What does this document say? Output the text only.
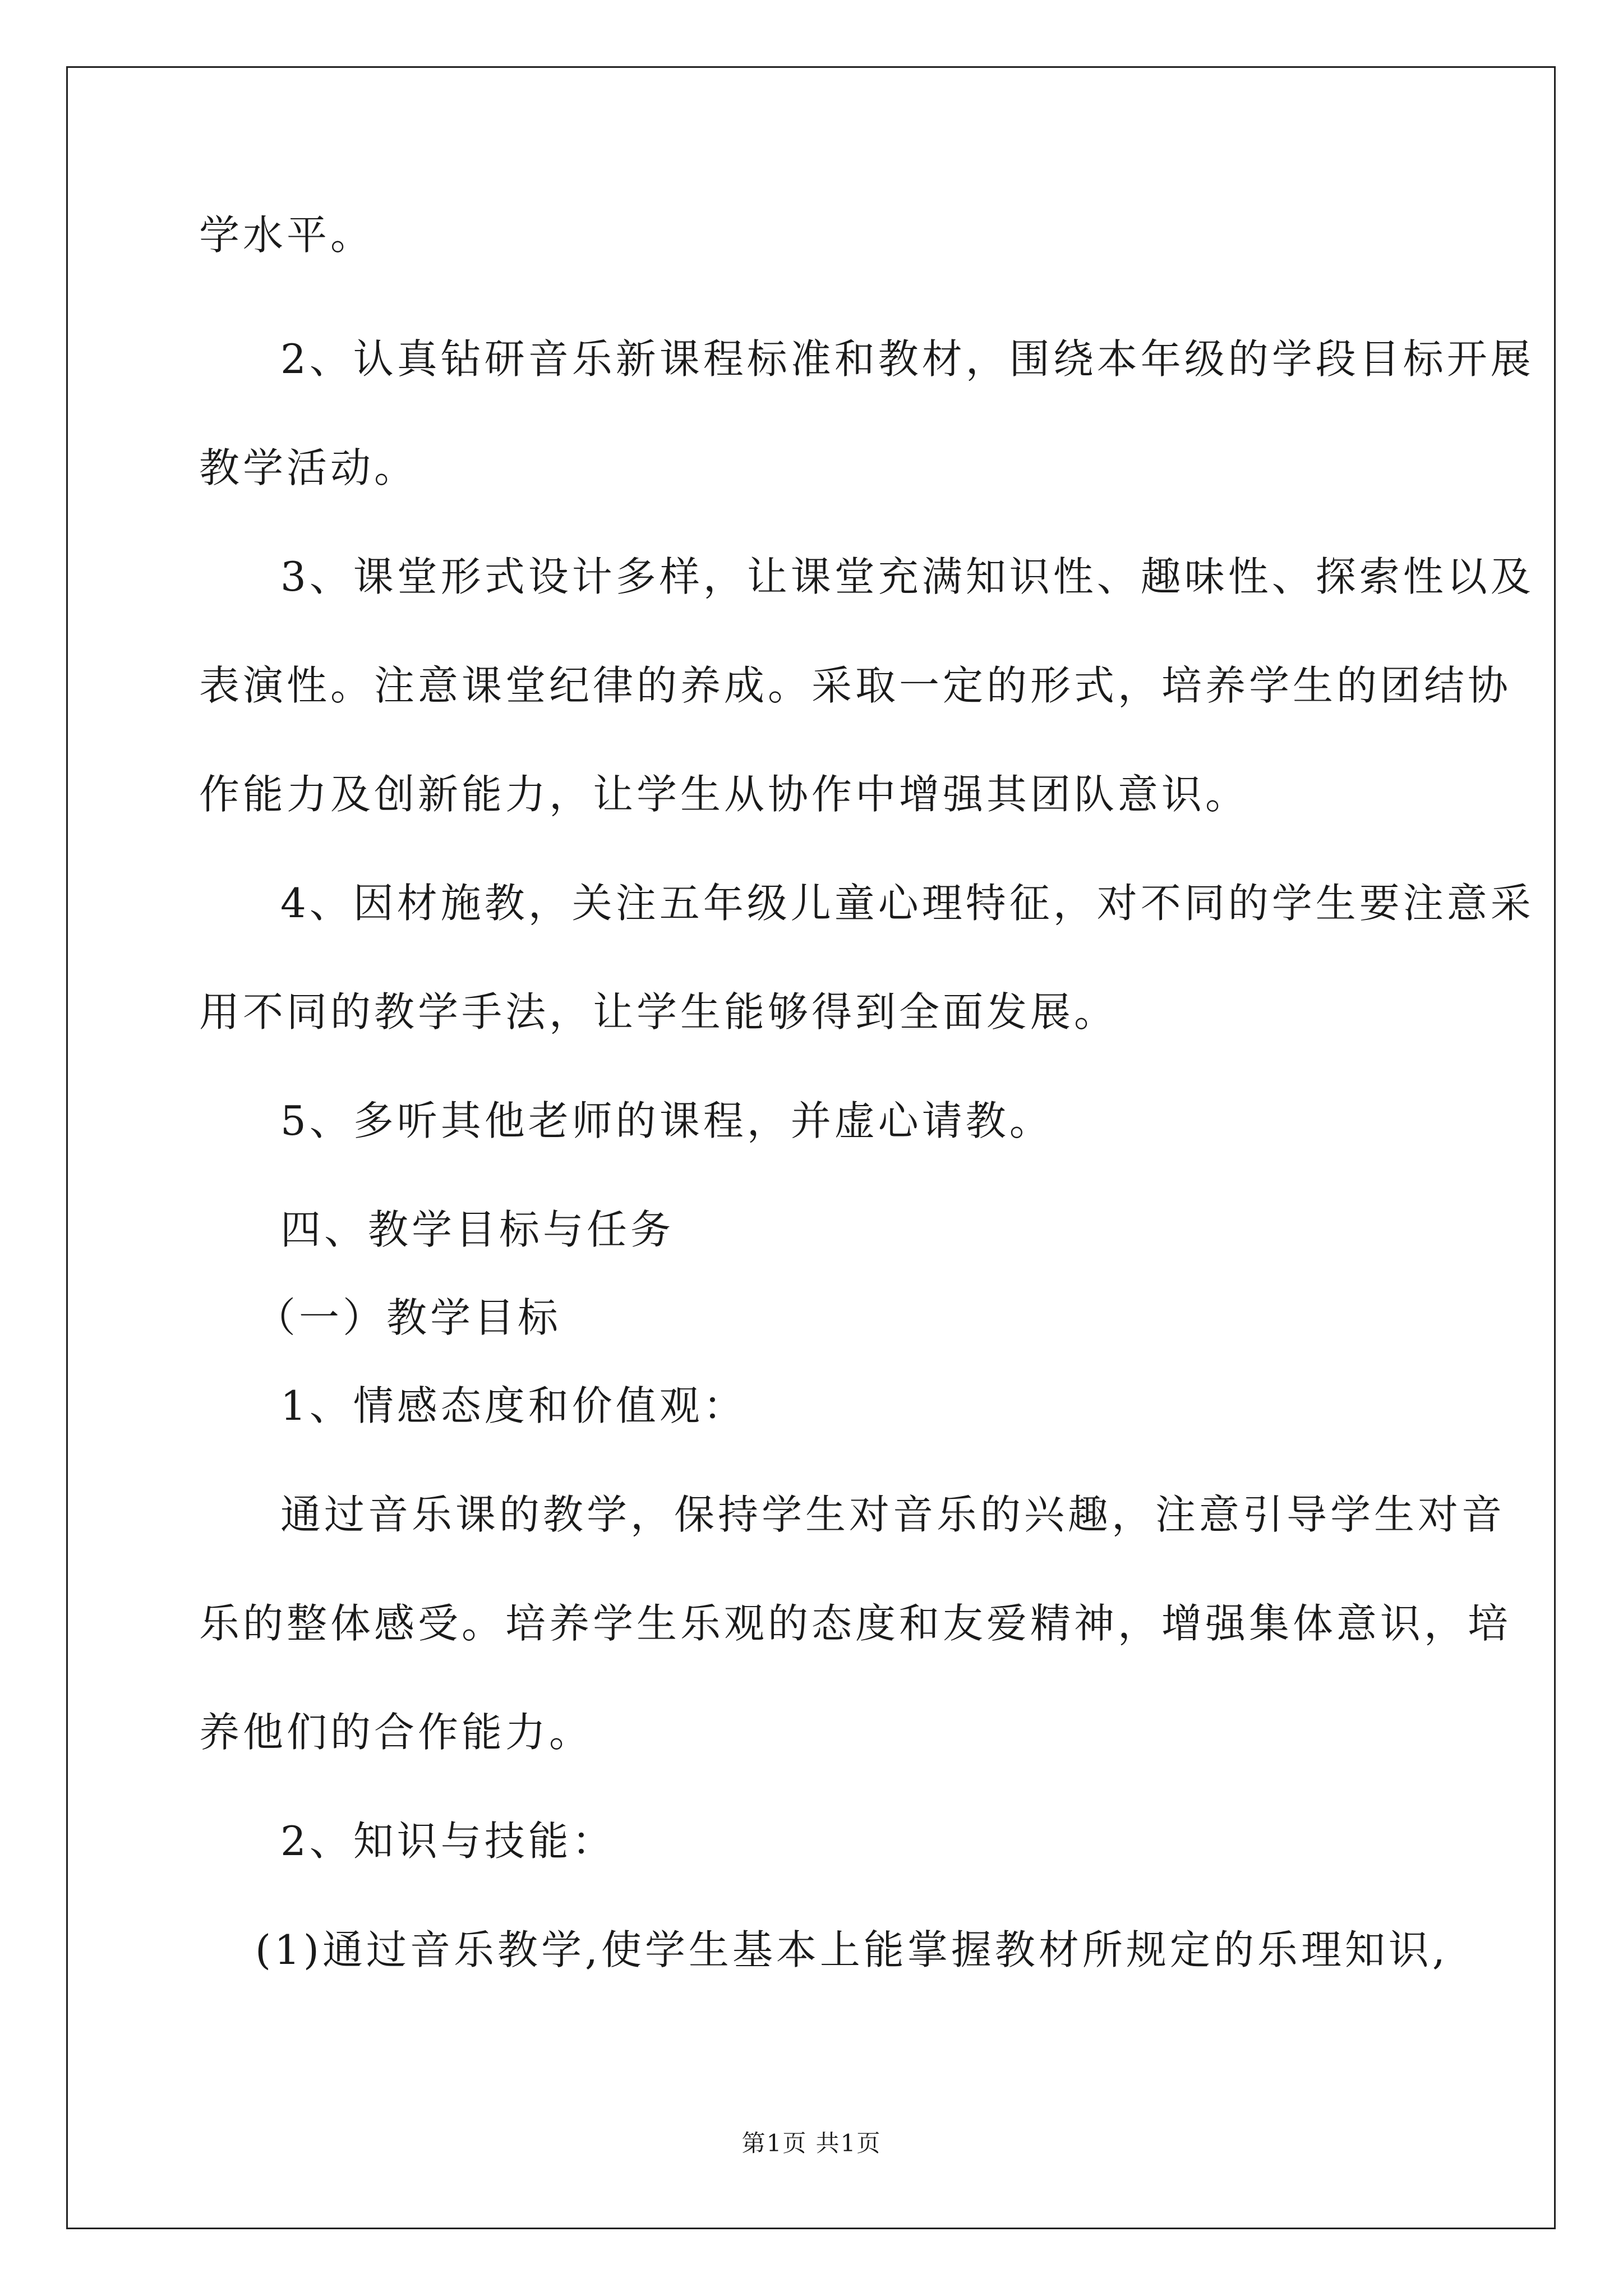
学水平。
2、认真钻研音乐新课程标准和教材，围绕本年级的学段目标开展
教学活动。
3、课堂形式设计多样，让课堂充满知识性、趣味性、探索性以及
表演性。注意课堂纪律的养成。采取一定的形式，培养学生的团结协
作能力及创新能力，让学生从协作中增强其团队意识。
4、因材施教，关注五年级儿童心理特征，对不同的学生要注意采
用不同的教学手法，让学生能够得到全面发展。
5、多听其他老师的课程，并虚心请教。
四、教学目标与任务
（一）教学目标
1、情感态度和价值观：
通过音乐课的教学，保持学生对音乐的兴趣，注意引导学生对音
乐的整体感受。培养学生乐观的态度和友爱精神，增强集体意识，培
养他们的合作能力。
2、知识与技能：
(1)通过音乐教学,使学生基本上能掌握教材所规定的乐理知识,
第1页 共1页
